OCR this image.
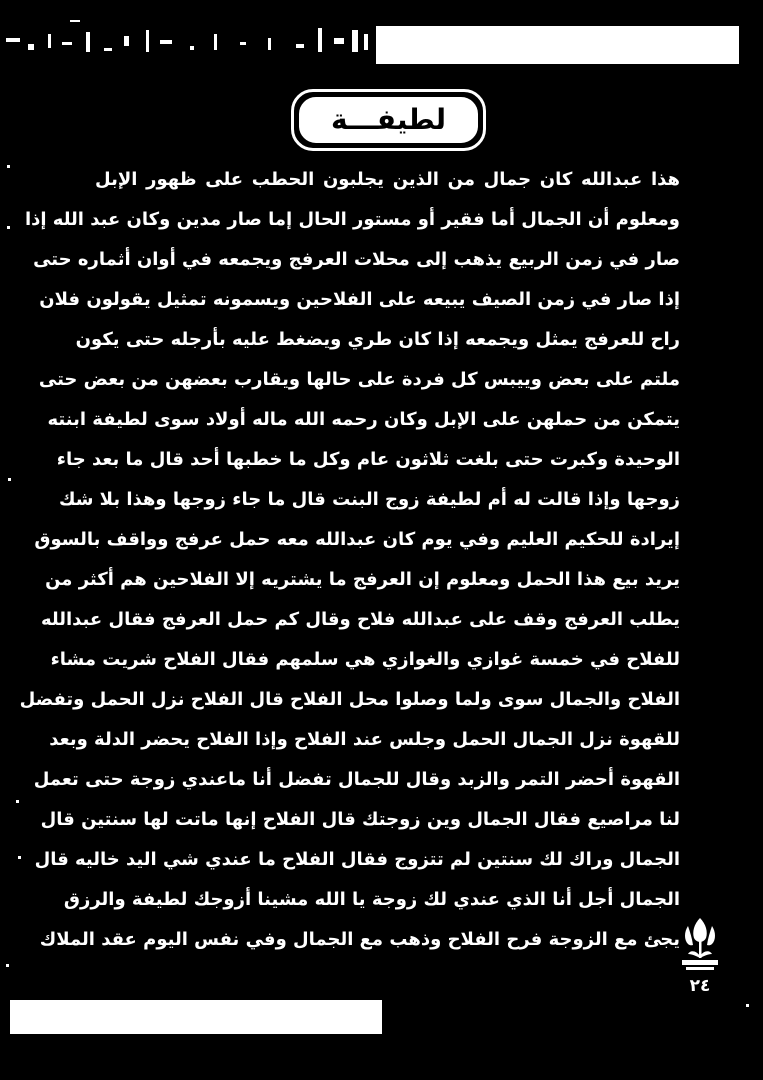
لطيفـــة
هذا عبدالله كان جمال من الذين يجلبون الحطب على ظهور الإبل
ومعلوم أن الجمال أما فقير أو مستور الحال إما صار مدين وكان عبد الله إذا
صار في زمن الربيع يذهب إلى محلات العرفج ويجمعه في أوان أثماره حتى
إذا صار في زمن الصيف يبيعه على الفلاحين ويسمونه تمثيل يقولون فلان
راح للعرفج يمثل ويجمعه إذا كان طري ويضغط عليه بأرجله حتى يكون
ملتم على بعض وييبس كل فردة على حالها ويقارب بعضهن من بعض حتى
يتمكن من حملهن على الإبل وكان رحمه الله ماله أولاد سوى لطيفة ابنته
الوحيدة وكبرت حتى بلغت ثلاثون عام وكل ما خطبها أحد قال ما بعد جاء
زوجها وإذا قالت له أم لطيفة زوج البنت قال ما جاء زوجها وهذا بلا شك
إيرادة للحكيم العليم وفي يوم كان عبدالله معه حمل عرفج وواقف بالسوق
يريد بيع هذا الحمل ومعلوم إن العرفج ما يشتريه إلا الفلاحين هم أكثر من
يطلب العرفج وقف على عبدالله فلاح وقال كم حمل العرفج فقال عبدالله
للفلاح في خمسة غوازي والغوازي هي سلمهم فقال الفلاح شريت مشاء
الفلاح والجمال سوى ولما وصلوا محل الفلاح قال الفلاح نزل الحمل وتفضل
للقهوة نزل الجمال الحمل وجلس عند الفلاح وإذا الفلاح يحضر الدلة وبعد
القهوة أحضر التمر والزبد وقال للجمال تفضل أنا ماعندي زوجة حتى تعمل
لنا مراصيع فقال الجمال وين زوجتك قال الفلاح إنها ماتت لها سنتين قال
الجمال وراك لك سنتين لم تتزوج فقال الفلاح ما عندي شي اليد خاليه قال
الجمال أجل أنا الذي عندي لك زوجة يا الله مشينا أزوجك لطيفة والرزق
يجئ مع الزوجة فرح الفلاح وذهب مع الجمال وفي نفس اليوم عقد الملاك
٢٤
